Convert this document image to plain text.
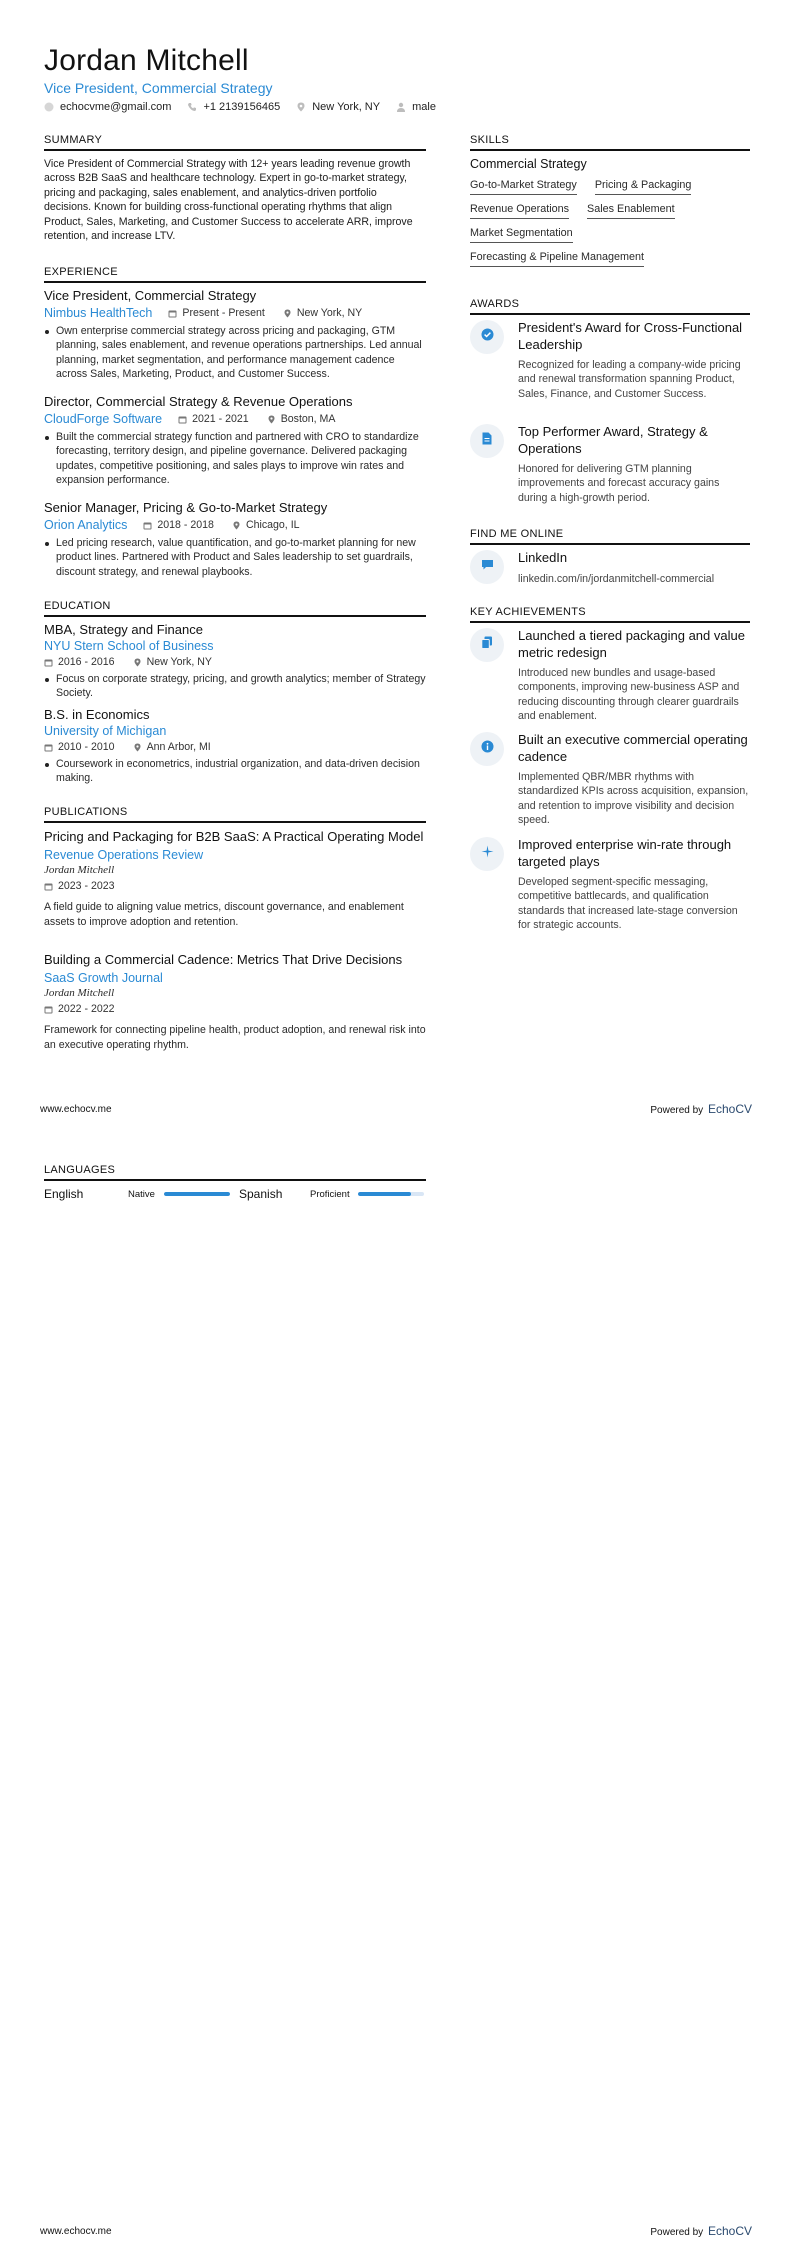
Jordan Mitchell
Vice President, Commercial Strategy
echocvme@gmail.com	+1 2139156465	New York, NY	male
SUMMARY
Vice President of Commercial Strategy with 12+ years leading revenue growth across B2B SaaS and healthcare technology. Expert in go-to-market strategy, pricing and packaging, sales enablement, and analytics-driven portfolio decisions. Known for building cross-functional operating rhythms that align Product, Sales, Marketing, and Customer Success to accelerate ARR, improve retention, and increase LTV.
EXPERIENCE
Vice President, Commercial Strategy
Nimbus HealthTech	Present - Present	New York, NY
Own enterprise commercial strategy across pricing and packaging, GTM planning, sales enablement, and revenue operations partnerships. Led annual planning, market segmentation, and performance management cadence across Sales, Marketing, Product, and Customer Success.
Director, Commercial Strategy & Revenue Operations
CloudForge Software	2021 - 2021	Boston, MA
Built the commercial strategy function and partnered with CRO to standardize forecasting, territory design, and pipeline governance. Delivered packaging updates, competitive positioning, and sales plays to improve win rates and expansion performance.
Senior Manager, Pricing & Go-to-Market Strategy
Orion Analytics	2018 - 2018	Chicago, IL
Led pricing research, value quantification, and go-to-market planning for new product lines. Partnered with Product and Sales leadership to set guardrails, discount strategy, and renewal playbooks.
EDUCATION
MBA, Strategy and Finance
NYU Stern School of Business
2016 - 2016	New York, NY
Focus on corporate strategy, pricing, and growth analytics; member of Strategy Society.
B.S. in Economics
University of Michigan
2010 - 2010	Ann Arbor, MI
Coursework in econometrics, industrial organization, and data-driven decision making.
PUBLICATIONS
Pricing and Packaging for B2B SaaS: A Practical Operating Model
Revenue Operations Review
Jordan Mitchell
2023 - 2023
A field guide to aligning value metrics, discount governance, and enablement assets to improve adoption and retention.
Building a Commercial Cadence: Metrics That Drive Decisions
SaaS Growth Journal
Jordan Mitchell
2022 - 2022
Framework for connecting pipeline health, product adoption, and renewal risk into an executive operating rhythm.
SKILLS
Commercial Strategy
Go-to-Market Strategy Pricing & Packaging Revenue Operations Sales Enablement Market Segmentation
Forecasting & Pipeline Management
AWARDS
President's Award for Cross-Functional Leadership
Recognized for leading a company-wide pricing and renewal transformation spanning Product, Sales, Finance, and Customer Success.
Top Performer Award, Strategy & Operations
Honored for delivering GTM planning improvements and forecast accuracy gains during a high-growth period.
FIND ME ONLINE
LinkedIn
linkedin.com/in/jordanmitchell-commercial
KEY ACHIEVEMENTS
Launched a tiered packaging and value metric redesign
Introduced new bundles and usage-based components, improving new-business ASP and reducing discounting through clearer guardrails and enablement.
Built an executive commercial operating cadence
Implemented QBR/MBR rhythms with standardized KPIs across acquisition, expansion, and retention to improve visibility and decision speed.
Improved enterprise win-rate through targeted plays
Developed segment-specific messaging, competitive battlecards, and qualification standards that increased late-stage conversion for strategic accounts.
www.echocv.me	Powered by EchoCV
LANGUAGES
English	Native	Spanish	Proficient
www.echocv.me	Powered by EchoCV
